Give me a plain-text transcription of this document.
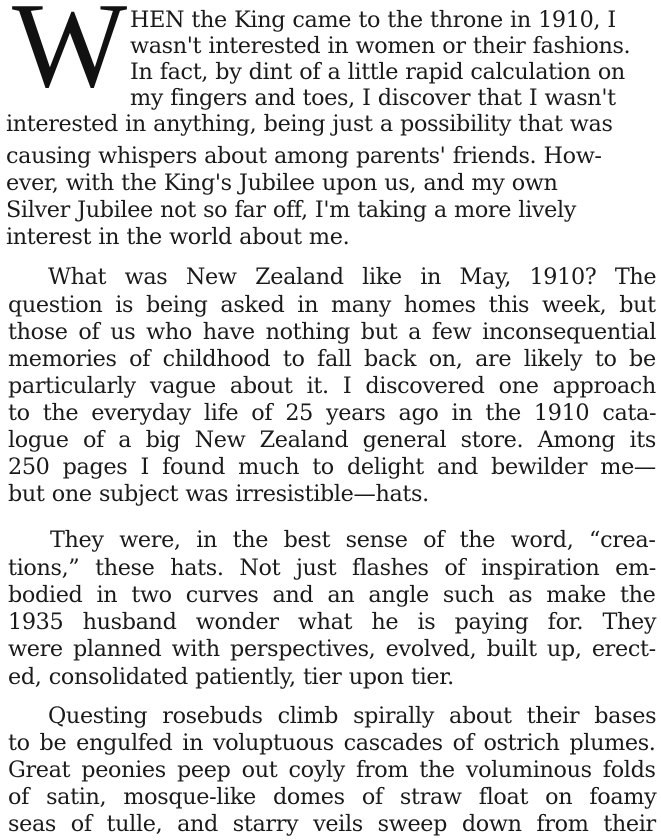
W HEN the King came to the throne in 1910, I
wasn't interested in women or their fashions.
In fact, by dint of a little rapid calculation on
my fingers and toes, I discover that I wasn't
interested in anything, being just a possibility that was
causing whispers about among parents' friends. How-
ever, with the King's Jubilee upon us, and my own
Silver Jubilee not so far off, I'm taking a more lively
interest in the world about me.
What was New Zealand like in May, 1910? The
question is being asked in many homes this week, but
those of us who have nothing but a few inconsequential
memories of childhood to fall back on, are likely to be
particularly vague about it. I discovered one approach
to the everyday life of 25 years ago in the 1910 cata-
logue of a big New Zealand general store. Among its
250 pages I found much to delight and bewilder me—
but one subject was irresistible—hats.
They were, in the best sense of the word, “crea-
tions,” these hats. Not just flashes of inspiration em-
bodied in two curves and an angle such as make the
1935 husband wonder what he is paying for. They
were planned with perspectives, evolved, built up, erect-
ed, consolidated patiently, tier upon tier.
Questing rosebuds climb spirally about their bases
to be engulfed in voluptuous cascades of ostrich plumes.
Great peonies peep out coyly from the voluminous folds
of satin, mosque-like domes of straw float on foamy
seas of tulle, and starry veils sweep down from their
